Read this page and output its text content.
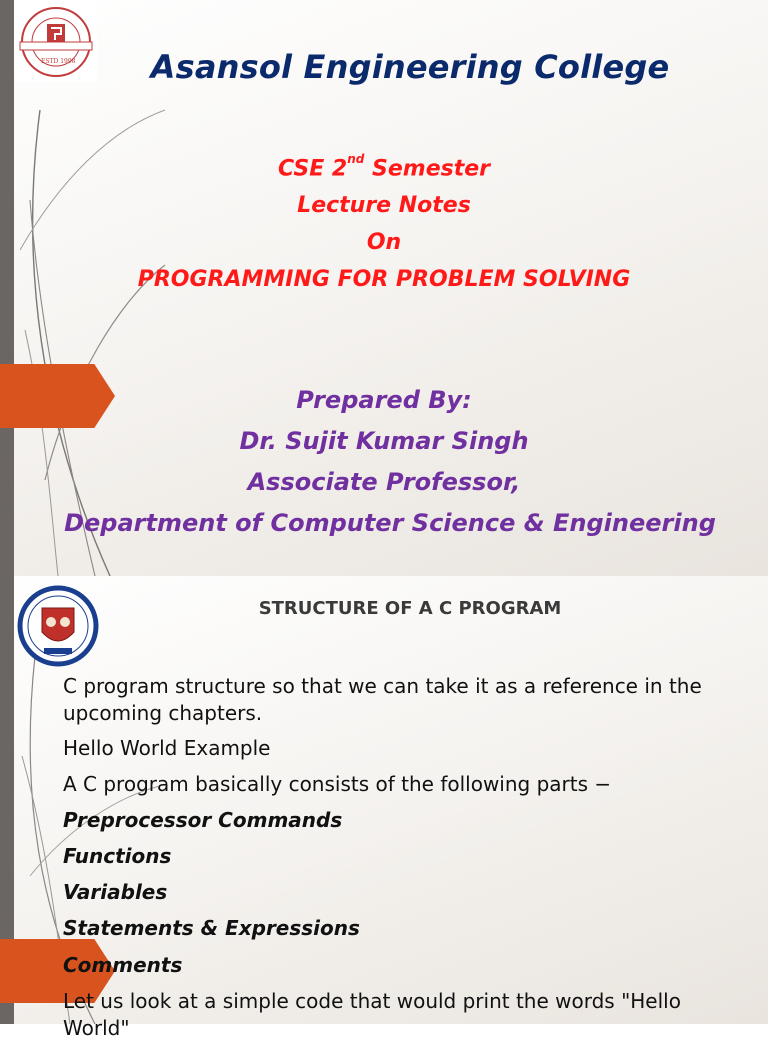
ESTD 1998	Asansol Engineering College
CSE 2nd Semester
Lecture Notes
On
PROGRAMMING FOR PROBLEM SOLVING
Prepared By:
Dr. Sujit Kumar Singh
Associate Professor,
Department of Computer Science & Engineering
STRUCTURE OF A C PROGRAM
C program structure so that we can take it as a reference in the upcoming chapters.
Hello World Example
A C program basically consists of the following parts −
Preprocessor Commands
Functions
Variables
Statements & Expressions
Comments
Let us look at a simple code that would print the words "Hello World"
